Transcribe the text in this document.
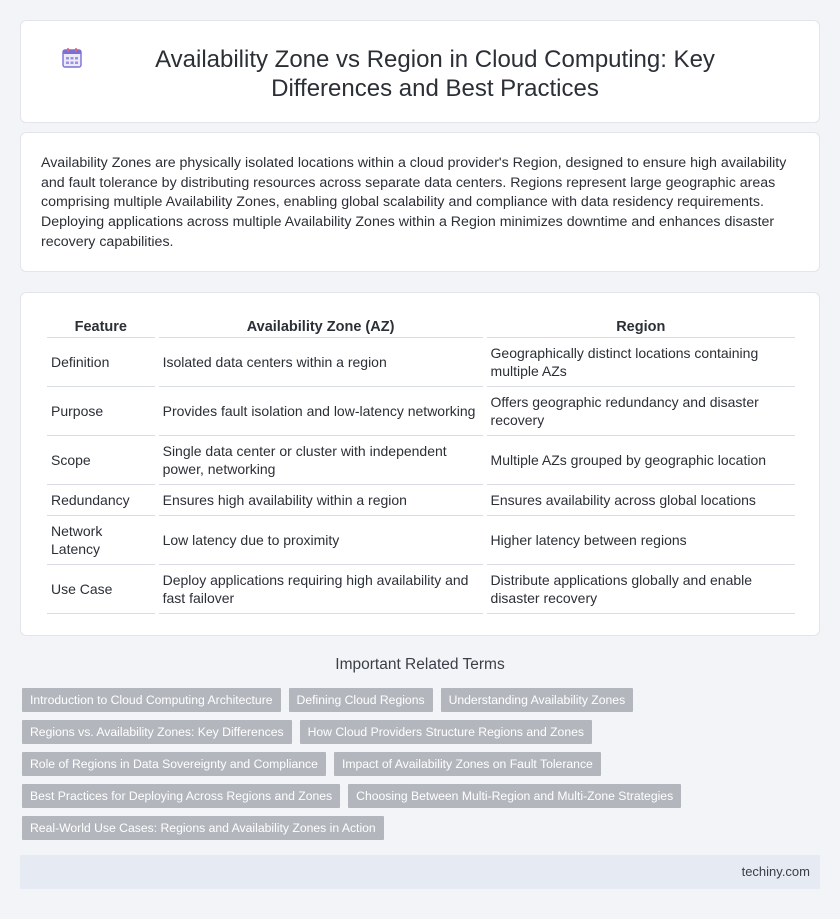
Availability Zone vs Region in Cloud Computing: Key Differences and Best Practices

Availability Zones are physically isolated locations within a cloud provider's Region, designed to ensure high availability and fault tolerance by distributing resources across separate data centers. Regions represent large geographic areas comprising multiple Availability Zones, enabling global scalability and compliance with data residency requirements. Deploying applications across multiple Availability Zones within a Region minimizes downtime and enhances disaster recovery capabilities.

Feature	Availability Zone (AZ)	Region
Definition	Isolated data centers within a region	Geographically distinct locations containing multiple AZs
Purpose	Provides fault isolation and low-latency networking	Offers geographic redundancy and disaster recovery
Scope	Single data center or cluster with independent power, networking	Multiple AZs grouped by geographic location
Redundancy	Ensures high availability within a region	Ensures availability across global locations
Network Latency	Low latency due to proximity	Higher latency between regions
Use Case	Deploy applications requiring high availability and fast failover	Distribute applications globally and enable disaster recovery
Important Related Terms
Introduction to Cloud Computing Architecture	Defining Cloud Regions	Understanding Availability Zones
Regions vs. Availability Zones: Key Differences	How Cloud Providers Structure Regions and Zones
Role of Regions in Data Sovereignty and Compliance	Impact of Availability Zones on Fault Tolerance
Best Practices for Deploying Across Regions and Zones	Choosing Between Multi-Region and Multi-Zone Strategies
Real-World Use Cases: Regions and Availability Zones in Action
techiny.com
